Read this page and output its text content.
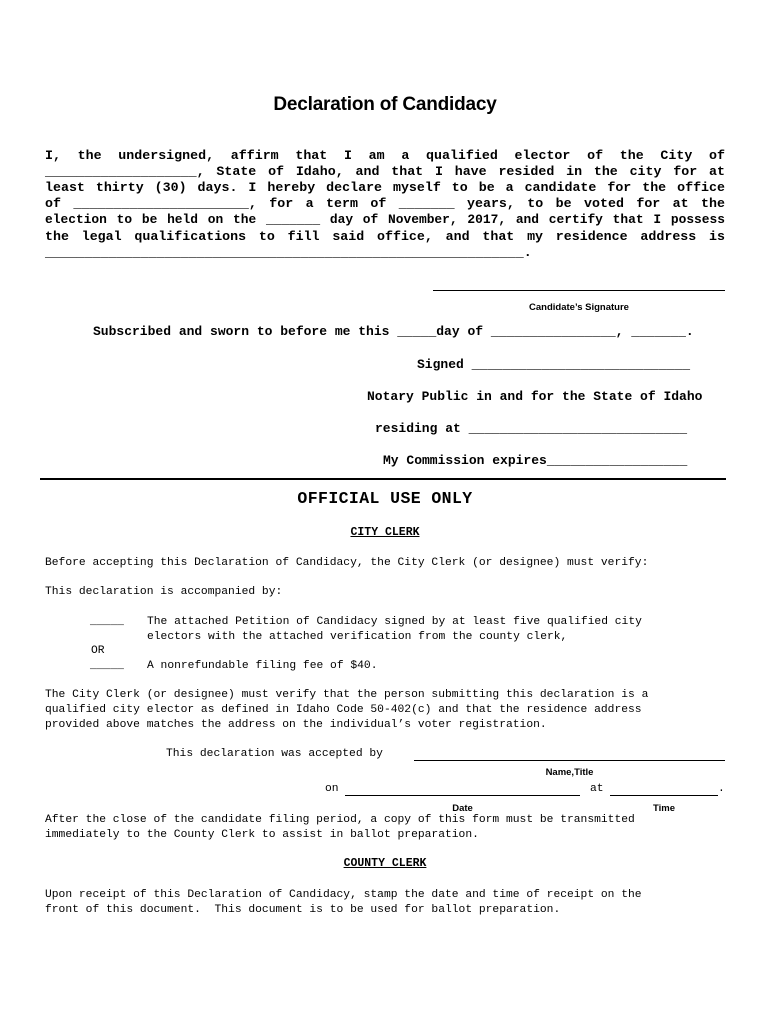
Declaration of Candidacy
I, the undersigned, affirm that I am a qualified elector of the City of
___________________, State of Idaho, and that I have resided in the city for at
least thirty (30) days. I hereby declare myself to be a candidate for the office
of ______________________, for a term of _______ years, to be voted for at the
election to be held on the _______ day of November, 2017, and certify that I possess
the legal qualifications to fill said office, and that my residence address is
____________________________________________________________.
Candidate’s Signature
Subscribed and sworn to before me this _____day of ________________, _______.
Signed ____________________________
Notary Public in and for the State of Idaho
residing at ____________________________
My Commission expires__________________
OFFICIAL USE ONLY
CITY CLERK
Before accepting this Declaration of Candidacy, the City Clerk (or designee) must verify:
This declaration is accompanied by:
_____ The attached Petition of Candidacy signed by at least five qualified city
electors with the attached verification from the county clerk,
OR
_____ A nonrefundable filing fee of $40.
The City Clerk (or designee) must verify that the person submitting this declaration is a
qualified city elector as defined in Idaho Code 50-402(c) and that the residence address
provided above matches the address on the individual’s voter registration.
This declaration was accepted by
Name,Title
on	at	.
Date	Time
After the close of the candidate filing period, a copy of this form must be transmitted
immediately to the County Clerk to assist in ballot preparation.
COUNTY CLERK
Upon receipt of this Declaration of Candidacy, stamp the date and time of receipt on the
front of this document.  This document is to be used for ballot preparation.
